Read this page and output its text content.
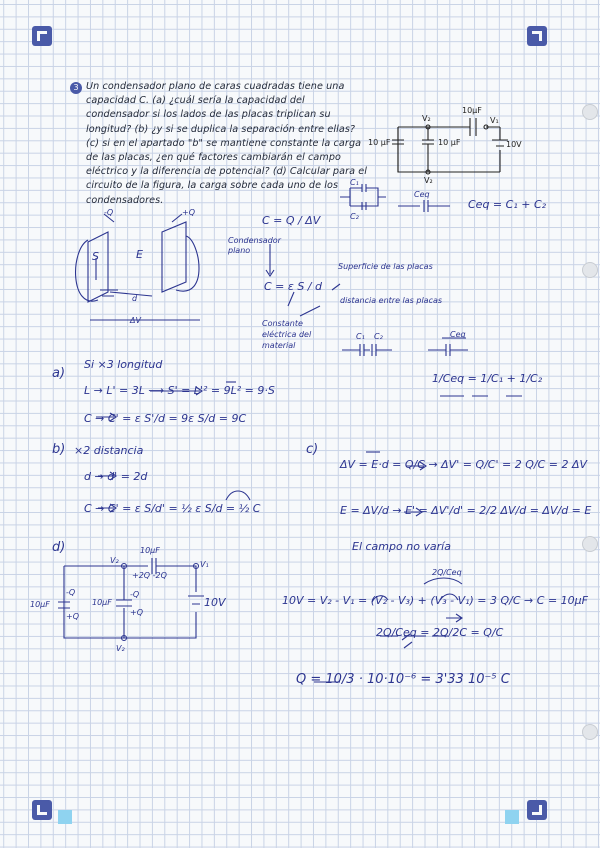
3 Un condensador plano de caras cuadradas tiene una capacidad C. (a) ¿cuál sería la capacidad del condensador si los lados de las placas triplican su longitud? (b) ¿y si se duplica la separación entre ellas? (c) si en el apartado "b" se mantiene constante la carga de las placas, ¿en qué factores cambiarán el campo eléctrico y la diferencia de potencial? (d) Calcular para el circuito de la figura, la carga sobre cada uno de los condensadores.
10µF
10 µF	10 µF	10V
V₂	V₁
V₂
C₁
C₂
Ceq
Ceq = C₁ + C₂
-Q	+Q
S	E
d
ΔV
C = Q / ΔV
Condensador plano
C = ε S / d
Superficie de las placas
distancia entre las placas
Constante eléctrica del material
C₁ C₂	Ceq
1/Ceq = 1/C₁ + 1/C₂
a)
Si ×3 longitud
L → L' = 3L ⟶ S' = L'² = 9L² = 9·S
C → C' = ε S'/d = 9ε S/d = 9C
b) ×2 distancia
d → d' = 2d
C → C' = ε S/d' = ½ ε S/d = ½ C
c)
ΔV = E·d = Q/C → ΔV' = Q/C' = 2 Q/C = 2 ΔV
E = ΔV/d → E' = ΔV'/d' = 2/2 ΔV/d = ΔV/d = E
El campo no varía
d)	10µF
+2Q -2Q
V₂	V₁
10µF
-Q
+Q
10µF
-Q
+Q
10V
V₂
2Q/Ceq
10V = V₂ - V₁ = (V₂ - V₃) + (V₃ - V₁) = 3 Q/C → C = 10µF
2Q/Ceq = 2Q/2C = Q/C
Q = 10/3 · 10·10⁻⁶ = 3'33 10⁻⁵ C
